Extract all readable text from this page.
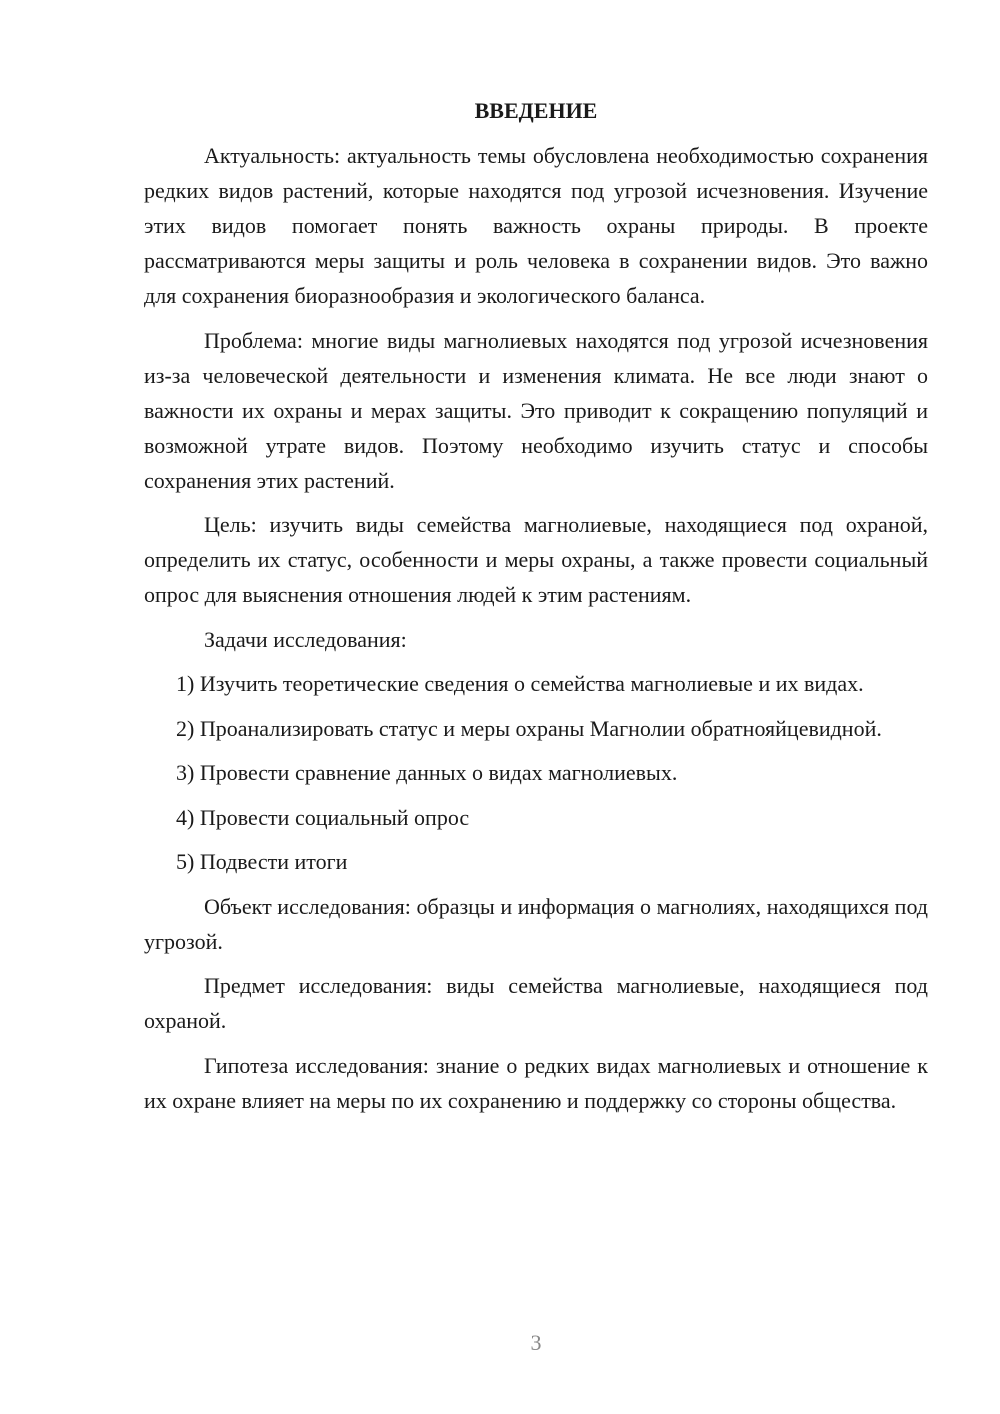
ВВЕДЕНИЕ

Актуальность: актуальность темы обусловлена необходимостью сохранения редких видов растений, которые находятся под угрозой исчезновения. Изучение этих видов помогает понять важность охраны природы. В проекте рассматриваются меры защиты и роль человека в сохранении видов. Это важно для сохранения биоразнообразия и экологического баланса.

Проблема: многие виды магнолиевых находятся под угрозой исчезновения из-за человеческой деятельности и изменения климата. Не все люди знают о важности их охраны и мерах защиты. Это приводит к сокращению популяций и возможной утрате видов. Поэтому необходимо изучить статус и способы сохранения этих растений.

Цель: изучить виды семейства магнолиевые, находящиеся под охраной, определить их статус, особенности и меры охраны, а также провести социальный опрос для выяснения отношения людей к этим растениям.

Задачи исследования:

1) Изучить теоретические сведения о семейства магнолиевые и их видах.

2) Проанализировать статус и меры охраны Магнолии обратнояйцевидной.

3) Провести сравнение данных о видах магнолиевых.

4) Провести социальный опрос

5) Подвести итоги

Объект исследования: образцы и информация о магнолиях, находящихся под угрозой.

Предмет исследования: виды семейства магнолиевые, находящиеся под охраной.

Гипотеза исследования: знание о редких видах магнолиевых и отношение к их охране влияет на меры по их сохранению и поддержку со стороны общества.

3
